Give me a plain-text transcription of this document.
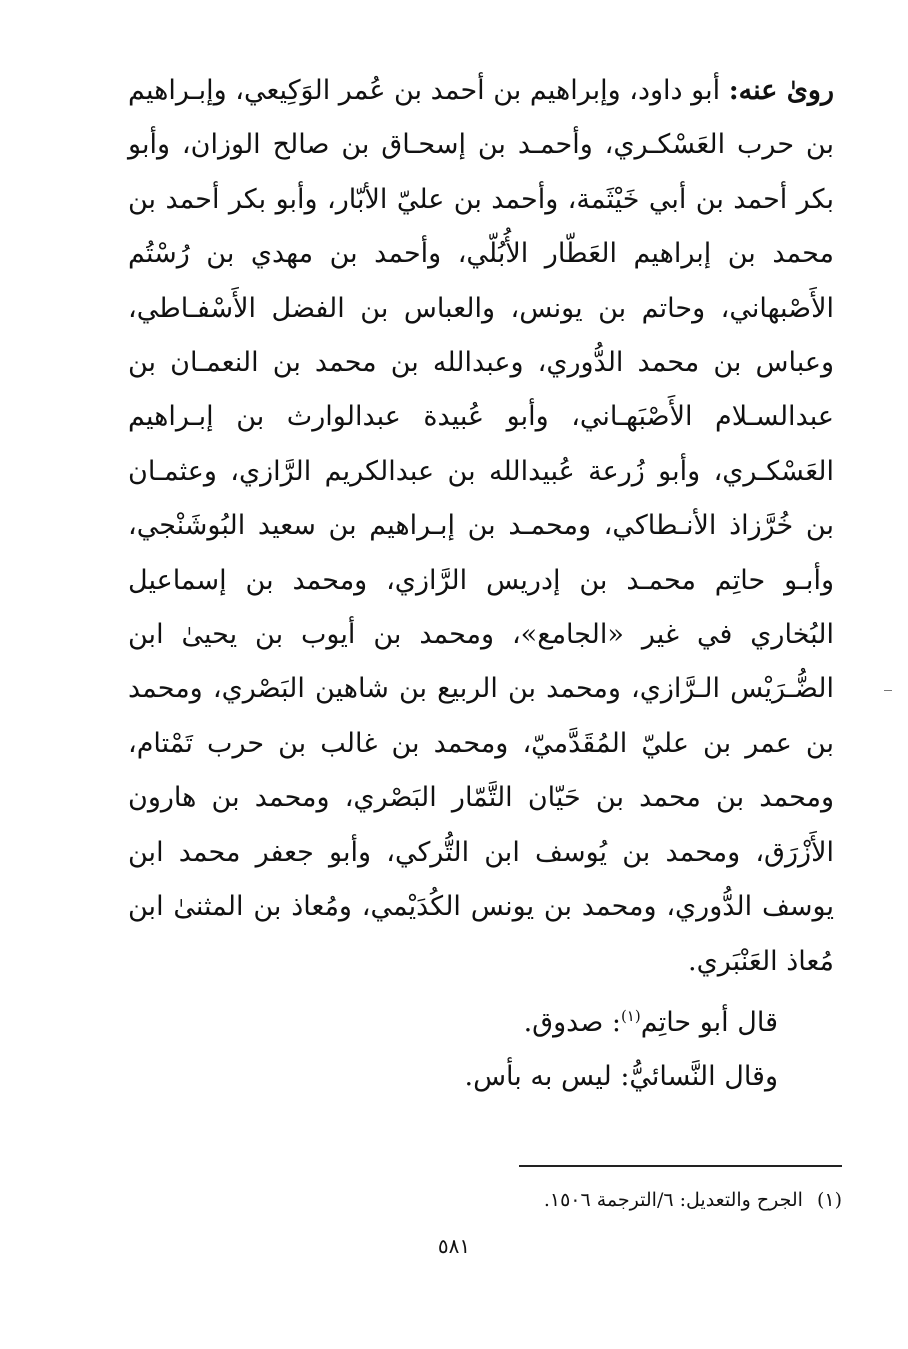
روىٰ عنه: أبو داود، وإبراهيم بن أحمد بن عُمر الوَكِيعي، وإبـراهيم بن حرب العَسْكـري، وأحمـد بن إسحـاق بن صالح الوزان، وأبو بكر أحمد بن أبي خَيْثَمة، وأحمد بن عليّ الأبّار، وأبو بكر أحمد بن محمد بن إبراهيم العَطّار الأُبُلّي، وأحمد بن مهدي بن رُسْتُم الأَصْبهاني، وحاتم بن يونس، والعباس بن الفضل الأَسْفـاطي، وعباس بن محمد الدُّوري، وعبدالله بن محمد بن النعمـان بن عبدالسـلام الأَصْبَهـاني، وأبو عُبيدة عبدالوارث بن إبـراهيم العَسْكـري، وأبو زُرعة عُبيدالله بن عبدالكريم الرَّازي، وعثمـان بن خُرَّزاذ الأنـطاكي، ومحمـد بن إبـراهيم بن سعيد البُوشَنْجي، وأبـو حاتِم محمـد بن إدريس الرَّازي، ومحمد بن إسماعيل البُخاري في غير «الجامع»، ومحمد بن أيوب بن يحيىٰ ابن الضُّـرَيْس الـرَّازي، ومحمد بن الربيع بن شاهين البَصْري، ومحمد بن عمر بن عليّ المُقَدَّميّ، ومحمد بن غالب بن حرب تَمْتام، ومحمد بن محمد بن حَيّان التَّمّار البَصْري، ومحمد بن هارون الأَزْرَق، ومحمد بن يُوسف ابن التُّركي، وأبو جعفر محمد ابن يوسف الدُّوري، ومحمد بن يونس الكُدَيْمي، ومُعاذ بن المثنىٰ ابن مُعاذ العَنْبَري.

قال أبو حاتِم$^{(١)}$: صدوق.
وقال النَّسائيُّ: ليس به بأس.
(١)الجرح والتعديل: ٦/الترجمة ١٥٠٦.
٥٨١
